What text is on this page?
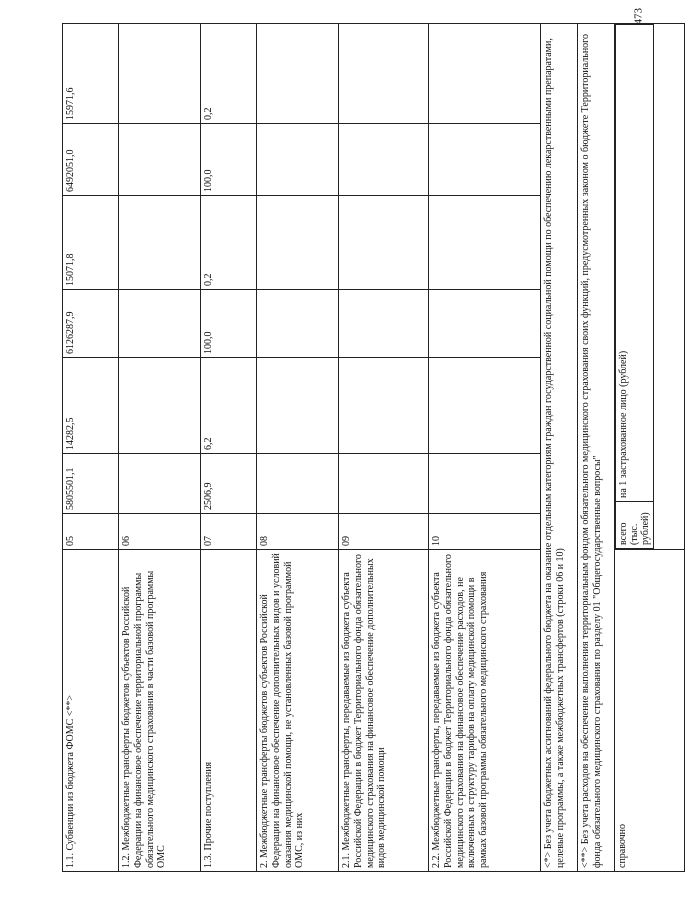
473
1.1. Субвенции из бюджета ФОМС <**>	05	5805501,1	14282,5	6126287,9	15071,8	6492051,0	15971,6
1.2. Межбюджетные трансферты бюджетов субъектов Российской Федерации на финансовое обеспечение территориальной программы обязательного медицинского страхования в части базовой программы ОМС	06						
1.3. Прочие поступления	07	2506,9	6,2	100,0	0,2	100,0	0,2
2. Межбюджетные трансферты бюджетов субъектов Российской Федерации на финансовое обеспечение дополнительных видов и условий оказания медицинской помощи, не установленных базовой программой ОМС, из них	08						
2.1. Межбюджетные трансферты, передаваемые из бюджета субъекта Российской Федерации в бюджет Территориального фонда обязательного медицинского страхования на финансовое обеспечение дополнительных видов медицинской помощи	09						
2.2. Межбюджетные трансферты, передаваемые из бюджета субъекта Российской Федерации в бюджет Территориального фонда обязательного медицинского страхования на финансовое обеспечение расходов, не включенных в структуру тарифов на оплату медицинской помощи в рамках базовой программы обязательного медицинского страхования	10						
<*> Без учета бюджетных ассигнований федерального бюджета на оказание отдельным категориям граждан государственной социальной помощи по обеспечению лекарственными препаратами, целевые программы, а также межбюджетных трансфертов (строки 06 и 10)
<**> Без учета расходов на обеспечение выполнения территориальным фондом обязательного медицинского страхования своих функций, предусмотренных законом о бюджете Территориального фонда обязательного медицинского страхования по разделу 01 "Общегосударственные вопросы"
справочно	
всего (тыс. рублей)	на 1 застрахованное лицо (рублей)
